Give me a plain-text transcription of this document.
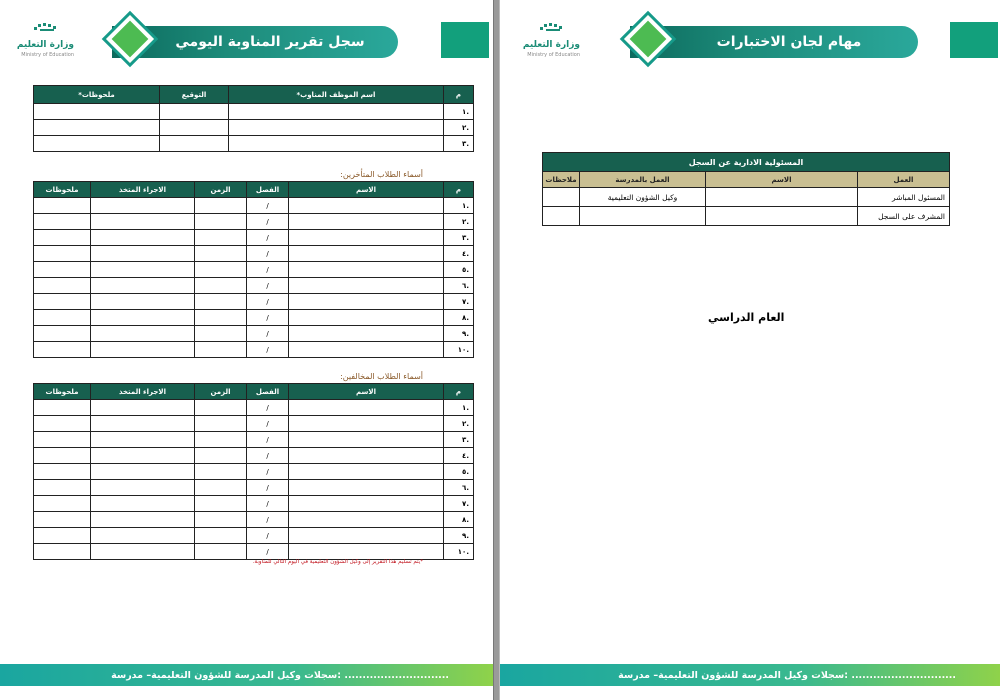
وزارة التعليم
Ministry of Education
سجل تقرير المناوبة اليومي
م	اسم الموظف المناوب*	التوقيع	ملحوظات*
.١			
.٢			
.٣			
أسماء الطلاب المتأخرين:
م	الاسم	الفصل	الزمن	الاجراء المتخذ	ملحوظات
.١		/			
.٢		/			
.٣		/			
.٤		/			
.٥		/			
.٦		/			
.٧		/			
.٨		/			
.٩		/			
.١٠		/			
أسماء الطلاب المخالفين:
م	الاسم	الفصل	الزمن	الاجراء المتخذ	ملحوظات
.١		/			
.٢		/			
.٣		/			
.٤		/			
.٥		/			
.٦		/			
.٧		/			
.٨		/			
.٩		/			
.١٠		/			
*يتم تسليم هذا التقرير إلى وكيل الشؤون التعليمية في اليوم التالي للمناوبة.
سجلات وكيل المدرسة للشؤون التعليمية– مدرسة: .............................
وزارة التعليم
Ministry of Education
مهام لجان الاختبارات
المسئولية الادارية عن السجل			
العمل	الاسم	العمل بالمدرسة	ملاحظات
المسئول المباشر		وكيل الشؤون التعليمية	
المشرف على السجل			
العام الدراسي
سجلات وكيل المدرسة للشؤون التعليمية– مدرسة: .............................
